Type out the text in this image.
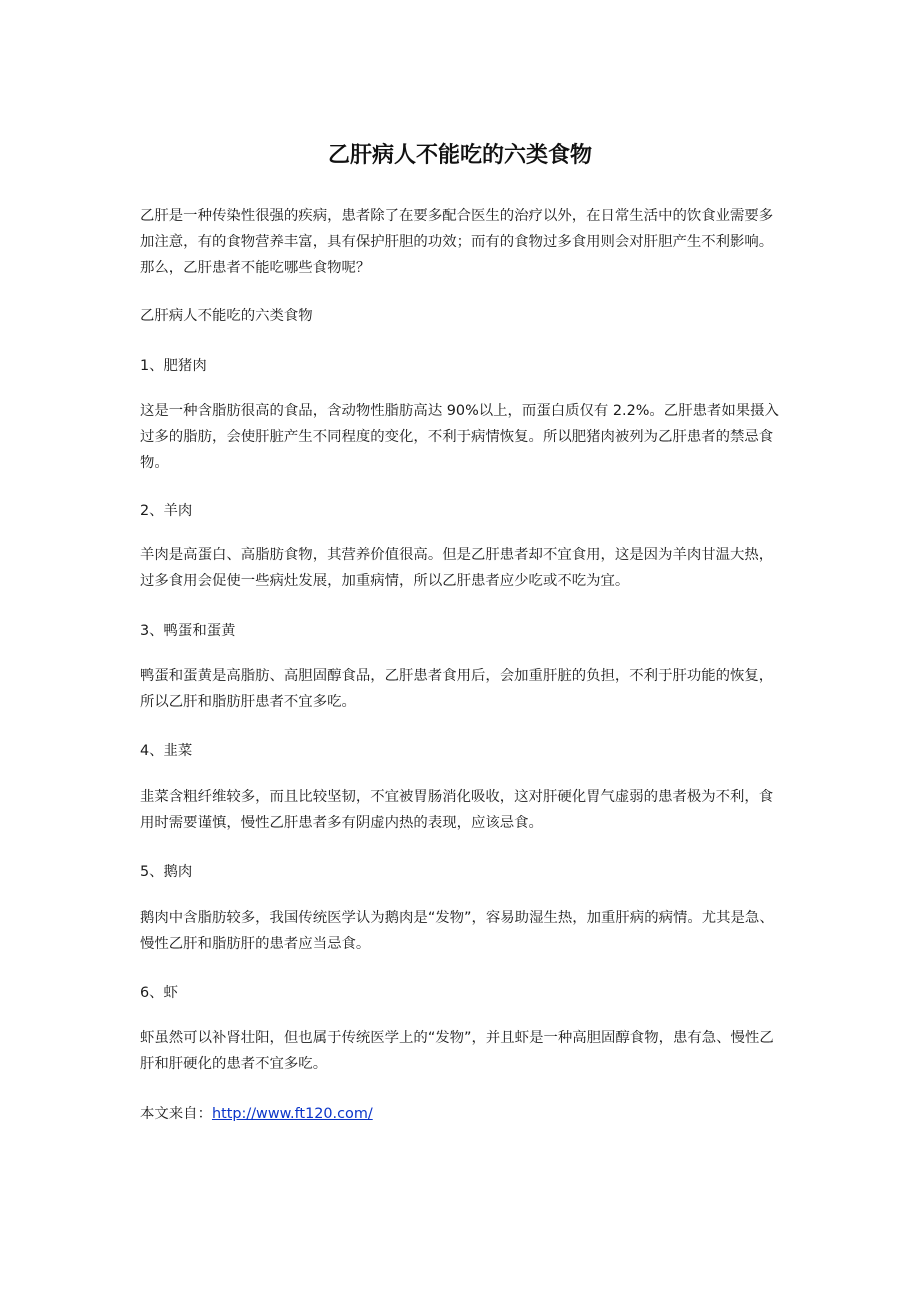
乙肝病人不能吃的六类食物

乙肝是一种传染性很强的疾病，患者除了在要多配合医生的治疗以外，在日常生活中的饮食业需要多加注意，有的食物营养丰富，具有保护肝胆的功效；而有的食物过多食用则会对肝胆产生不利影响。那么，乙肝患者不能吃哪些食物呢？

乙肝病人不能吃的六类食物

1、肥猪肉

这是一种含脂肪很高的食品，含动物性脂肪高达 90%以上，而蛋白质仅有 2.2%。乙肝患者如果摄入过多的脂肪，会使肝脏产生不同程度的变化，不利于病情恢复。所以肥猪肉被列为乙肝患者的禁忌食物。

2、羊肉

羊肉是高蛋白、高脂肪食物，其营养价值很高。但是乙肝患者却不宜食用，这是因为羊肉甘温大热，过多食用会促使一些病灶发展，加重病情，所以乙肝患者应少吃或不吃为宜。

3、鸭蛋和蛋黄

鸭蛋和蛋黄是高脂肪、高胆固醇食品，乙肝患者食用后，会加重肝脏的负担，不利于肝功能的恢复，所以乙肝和脂肪肝患者不宜多吃。

4、韭菜

韭菜含粗纤维较多，而且比较坚韧，不宜被胃肠消化吸收，这对肝硬化胃气虚弱的患者极为不利，食用时需要谨慎，慢性乙肝患者多有阴虚内热的表现，应该忌食。

5、鹅肉

鹅肉中含脂肪较多，我国传统医学认为鹅肉是“发物”，容易助湿生热，加重肝病的病情。尤其是急、慢性乙肝和脂肪肝的患者应当忌食。

6、虾

虾虽然可以补肾壮阳，但也属于传统医学上的“发物”，并且虾是一种高胆固醇食物，患有急、慢性乙肝和肝硬化的患者不宜多吃。

本文来自：http://www.ft120.com/
